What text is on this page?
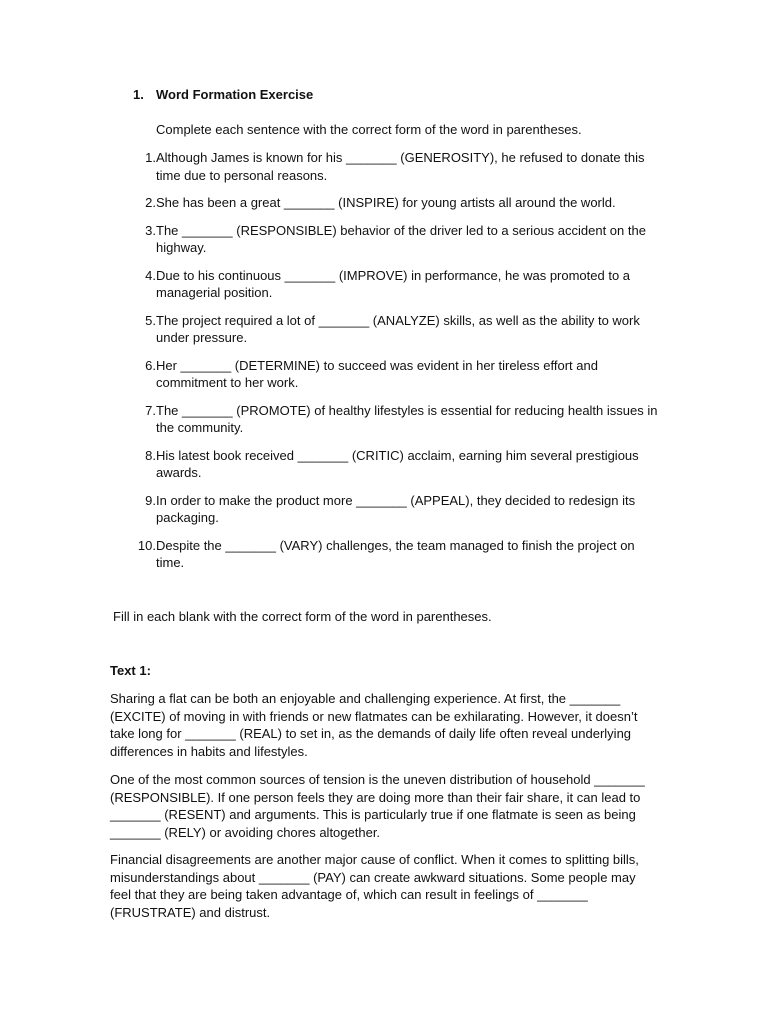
1. Word Formation Exercise
Complete each sentence with the correct form of the word in parentheses.
1. Although James is known for his _______ (GENEROSITY), he refused to donate this time due to personal reasons.
2. She has been a great _______ (INSPIRE) for young artists all around the world.
3. The _______ (RESPONSIBLE) behavior of the driver led to a serious accident on the highway.
4. Due to his continuous _______ (IMPROVE) in performance, he was promoted to a managerial position.
5. The project required a lot of _______ (ANALYZE) skills, as well as the ability to work under pressure.
6. Her _______ (DETERMINE) to succeed was evident in her tireless effort and commitment to her work.
7. The _______ (PROMOTE) of healthy lifestyles is essential for reducing health issues in the community.
8. His latest book received _______ (CRITIC) acclaim, earning him several prestigious awards.
9. In order to make the product more _______ (APPEAL), they decided to redesign its packaging.
10. Despite the _______ (VARY) challenges, the team managed to finish the project on time.
Fill in each blank with the correct form of the word in parentheses.
Text 1:

Sharing a flat can be both an enjoyable and challenging experience. At first, the _______ (EXCITE) of moving in with friends or new flatmates can be exhilarating. However, it doesn’t take long for _______ (REAL) to set in, as the demands of daily life often reveal underlying differences in habits and lifestyles.

One of the most common sources of tension is the uneven distribution of household _______ (RESPONSIBLE). If one person feels they are doing more than their fair share, it can lead to _______ (RESENT) and arguments. This is particularly true if one flatmate is seen as being _______ (RELY) or avoiding chores altogether.

Financial disagreements are another major cause of conflict. When it comes to splitting bills, misunderstandings about _______ (PAY) can create awkward situations. Some people may feel that they are being taken advantage of, which can result in feelings of _______ (FRUSTRATE) and distrust.
